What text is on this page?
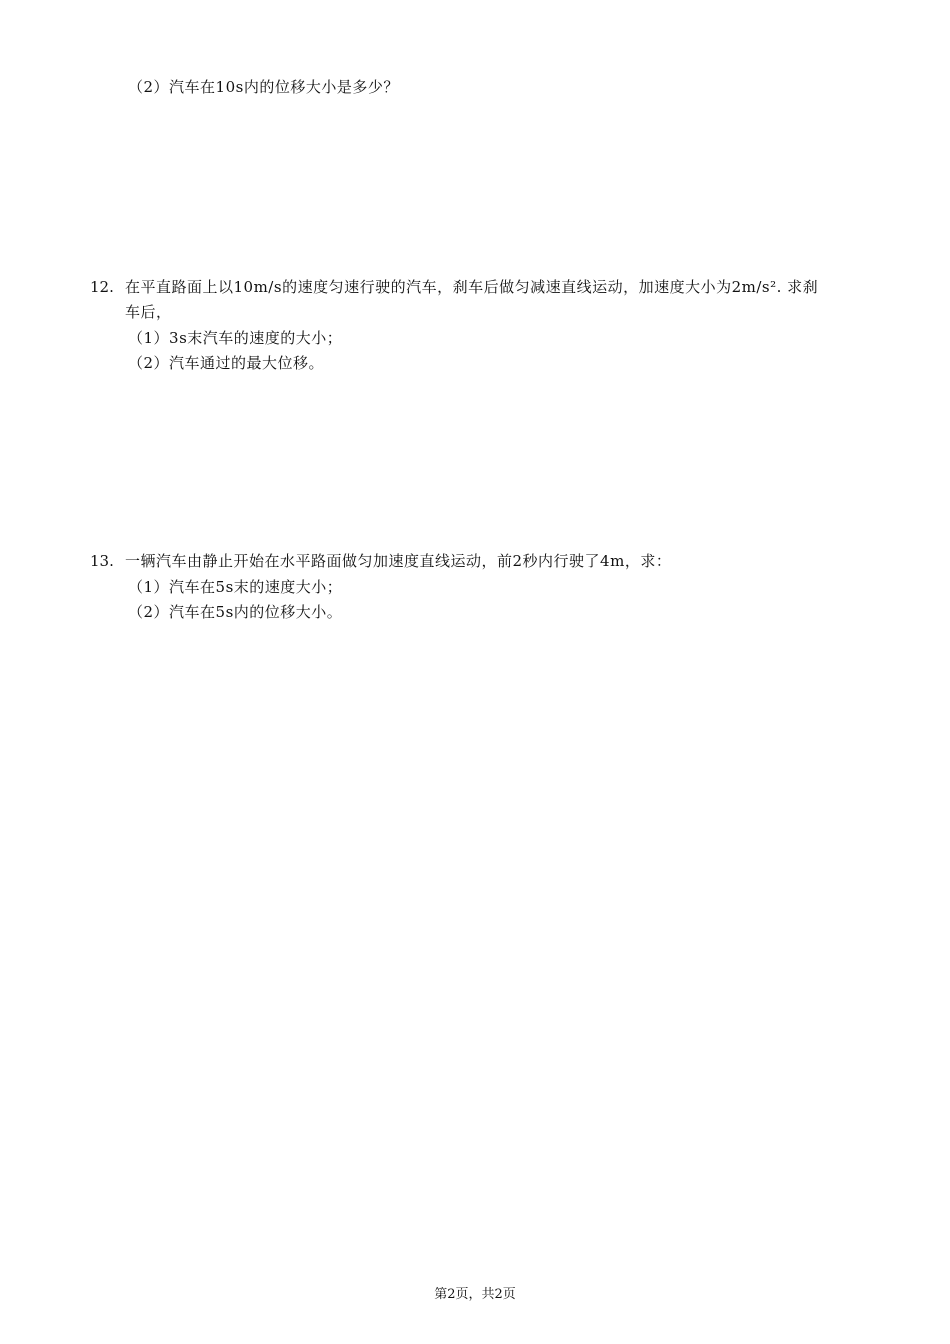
（2）汽车在10s内的位移大小是多少？
12. 在平直路面上以10m/s的速度匀速行驶的汽车，刹车后做匀减速直线运动，加速度大小为2m/s². 求刹
车后，
（1）3s末汽车的速度的大小；
（2）汽车通过的最大位移。
13. 一辆汽车由静止开始在水平路面做匀加速度直线运动，前2秒内行驶了4m，求：
（1）汽车在5s末的速度大小；
（2）汽车在5s内的位移大小。
第2页，共2页
